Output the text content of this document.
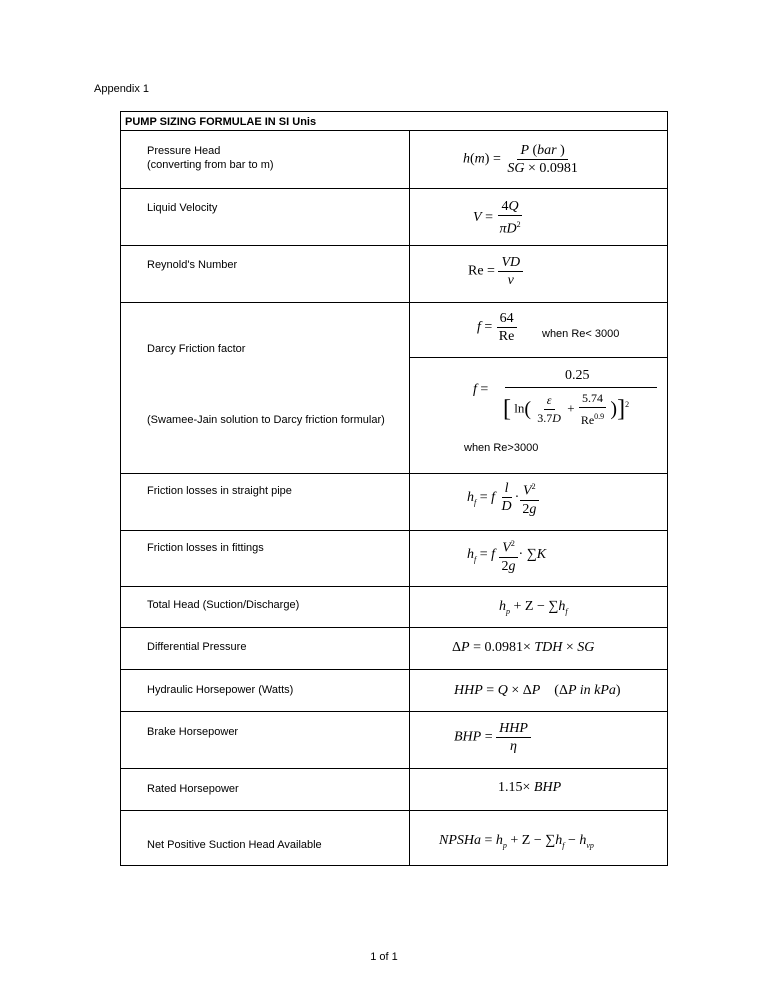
Appendix 1
PUMP SIZING FORMULAE IN SI Unis
Pressure Head
(converting from bar to m)
Liquid Velocity
Reynold's Number
Darcy Friction factor
(Swamee-Jain solution to Darcy friction formular)
Friction losses in straight pipe
Friction losses in fittings
Total Head (Suction/Discharge)
Differential Pressure
Hydraulic Horsepower (Watts)
Brake Horsepower
Rated Horsepower
Net Positive Suction Head Available
$h(m) = \frac{\text{P (bar )}}{SG \times 0.0981}$
$V = \frac{4Q}{\pi D^2}$
$Re = \frac{VD}{\nu}$
$f = \frac{64}{Re}$ when Re< 3000
f =
0.25
[ $\ln( \frac{\varepsilon}{3.7D} + \frac{5.74}{Re^{0.9}} )]^2$
when Re>3000
$h_f = f \frac{l}{D} \cdot \frac{V^2}{2g}$
$h_f = f \frac{V^2}{2g} \cdot \sum K$
$h_p + Z - \sum h_f$
ΔP = 0.0981× TDH × SG
HHP = Q × ΔP    (ΔP in kPa)
BHP = $\frac{\text{HHP}}{\eta}$
1.15× BHP
NPSHa = $h_p + Z - \sum h_f - h_{vp}$
1 of 1
